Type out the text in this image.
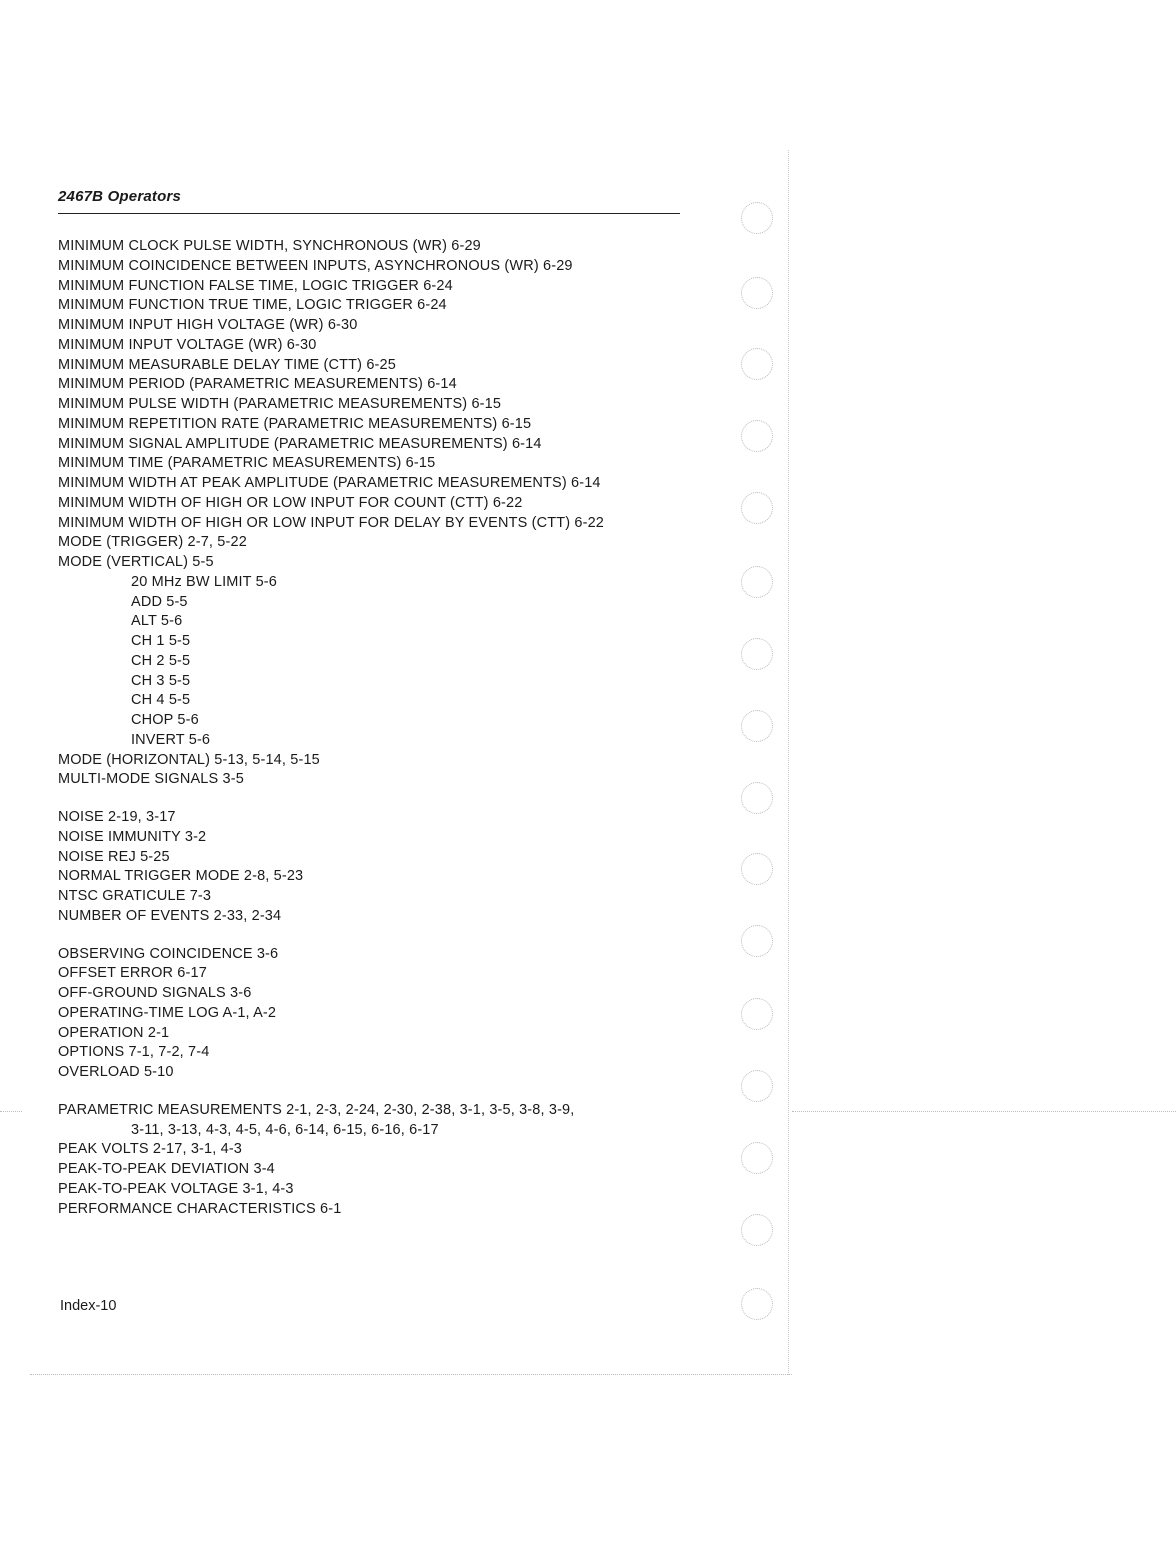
2467B Operators
MINIMUM CLOCK PULSE WIDTH, SYNCHRONOUS (WR) 6-29
MINIMUM COINCIDENCE BETWEEN INPUTS, ASYNCHRONOUS (WR) 6-29
MINIMUM FUNCTION FALSE TIME, LOGIC TRIGGER 6-24
MINIMUM FUNCTION TRUE TIME, LOGIC TRIGGER 6-24
MINIMUM INPUT HIGH VOLTAGE (WR) 6-30
MINIMUM INPUT VOLTAGE (WR) 6-30
MINIMUM MEASURABLE DELAY TIME (CTT) 6-25
MINIMUM PERIOD (PARAMETRIC MEASUREMENTS) 6-14
MINIMUM PULSE WIDTH (PARAMETRIC MEASUREMENTS) 6-15
MINIMUM REPETITION RATE (PARAMETRIC MEASUREMENTS) 6-15
MINIMUM SIGNAL AMPLITUDE (PARAMETRIC MEASUREMENTS) 6-14
MINIMUM TIME (PARAMETRIC MEASUREMENTS) 6-15
MINIMUM WIDTH AT PEAK AMPLITUDE (PARAMETRIC MEASUREMENTS) 6-14
MINIMUM WIDTH OF HIGH OR LOW INPUT FOR COUNT (CTT) 6-22
MINIMUM WIDTH OF HIGH OR LOW INPUT FOR DELAY BY EVENTS (CTT) 6-22
MODE (TRIGGER) 2-7, 5-22
MODE (VERTICAL) 5-5
20 MHz BW LIMIT 5-6
ADD 5-5
ALT 5-6
CH 1 5-5
CH 2 5-5
CH 3 5-5
CH 4 5-5
CHOP 5-6
INVERT 5-6
MODE (HORIZONTAL) 5-13, 5-14, 5-15
MULTI-MODE SIGNALS 3-5
NOISE 2-19, 3-17
NOISE IMMUNITY 3-2
NOISE REJ 5-25
NORMAL TRIGGER MODE 2-8, 5-23
NTSC GRATICULE 7-3
NUMBER OF EVENTS 2-33, 2-34
OBSERVING COINCIDENCE 3-6
OFFSET ERROR 6-17
OFF-GROUND SIGNALS 3-6
OPERATING-TIME LOG A-1, A-2
OPERATION 2-1
OPTIONS 7-1, 7-2, 7-4
OVERLOAD 5-10
PARAMETRIC MEASUREMENTS 2-1, 2-3, 2-24, 2-30, 2-38, 3-1, 3-5, 3-8, 3-9,
3-11, 3-13, 4-3, 4-5, 4-6, 6-14, 6-15, 6-16, 6-17
PEAK VOLTS 2-17, 3-1, 4-3
PEAK-TO-PEAK DEVIATION 3-4
PEAK-TO-PEAK VOLTAGE 3-1, 4-3
PERFORMANCE CHARACTERISTICS 6-1
Index-10
